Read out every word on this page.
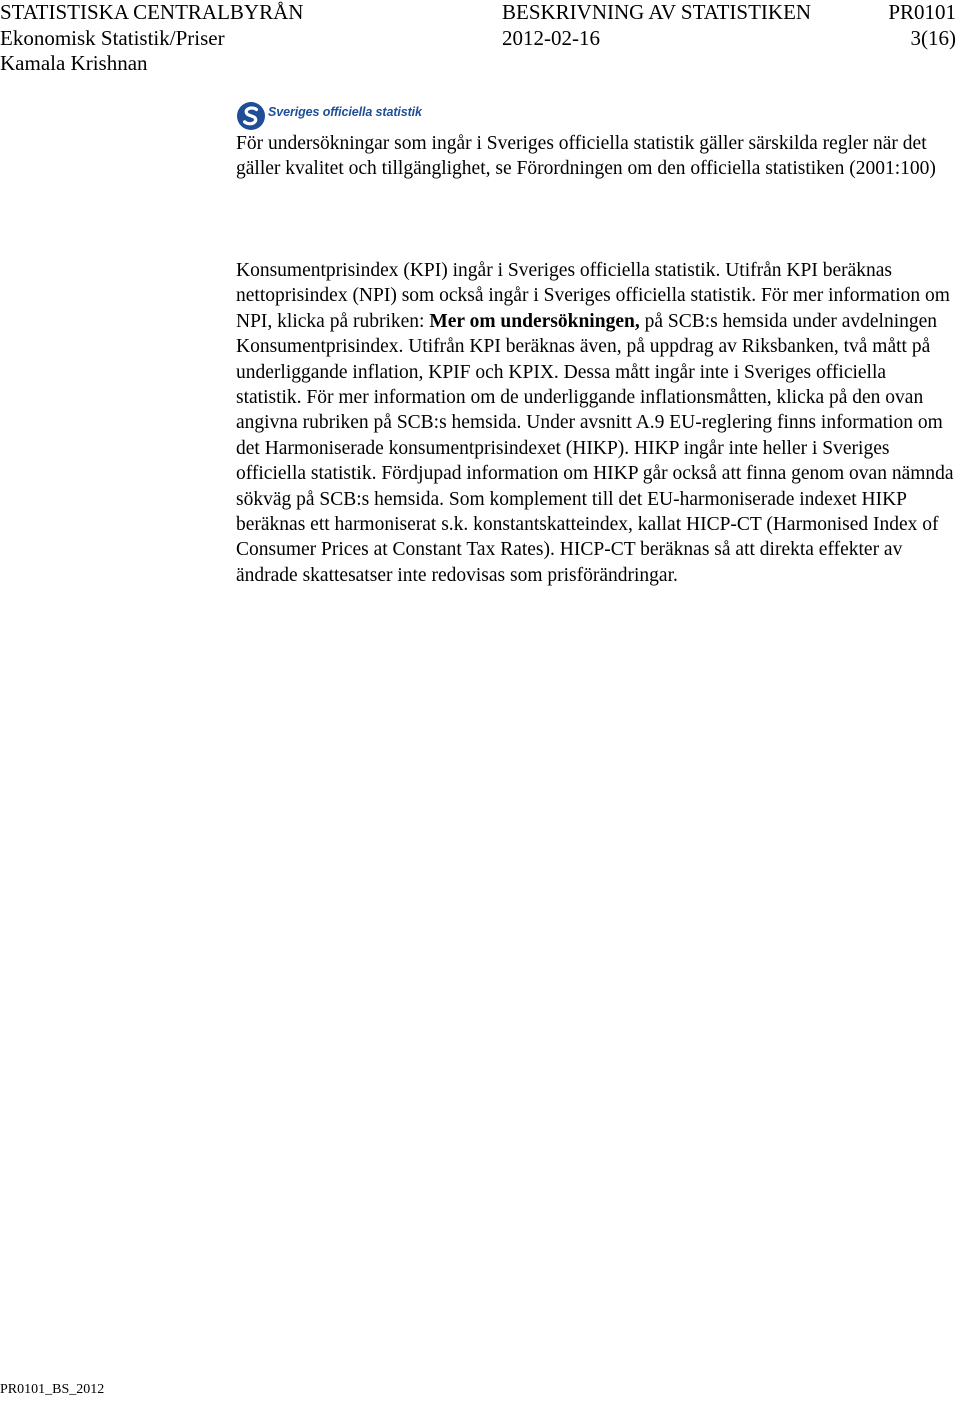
STATISTISKA CENTRALBYRÅN	BESKRIVNING AV STATISTIKEN	PR0101

Ekonomisk Statistik/Priser	2012-02-16	3(16)

Kamala Krishnan

Sveriges officiella statistik

För undersökningar som ingår i Sveriges officiella statistik gäller särskilda regler när det gäller kvalitet och tillgänglighet, se Förordningen om den officiella statistiken (2001:100)

Konsumentprisindex (KPI) ingår i Sveriges officiella statistik. Utifrån KPI beräknas nettoprisindex (NPI) som också ingår i Sveriges officiella statistik. För mer information om NPI, klicka på rubriken: Mer om undersökningen, på SCB:s hemsida under avdelningen Konsumentprisindex. Utifrån KPI beräknas även, på uppdrag av Riksbanken, två mått på underliggande inflation, KPIF och KPIX. Dessa mått ingår inte i Sveriges officiella statistik. För mer information om de underliggande inflationsmåtten, klicka på den ovan angivna rubriken på SCB:s hemsida. Under avsnitt A.9 EU-reglering finns information om det Harmoniserade konsumentprisindexet (HIKP). HIKP ingår inte heller i Sveriges officiella statistik. Fördjupad information om HIKP går också att finna genom ovan nämnda sökväg på SCB:s hemsida. Som komplement till det EU-harmoniserade indexet HIKP beräknas ett harmoniserat s.k. konstantskatteindex, kallat HICP-CT (Harmonised Index of Consumer Prices at Constant Tax Rates). HICP-CT beräknas så att direkta effekter av ändrade skattesatser inte redovisas som prisförändringar.

PR0101_BS_2012
